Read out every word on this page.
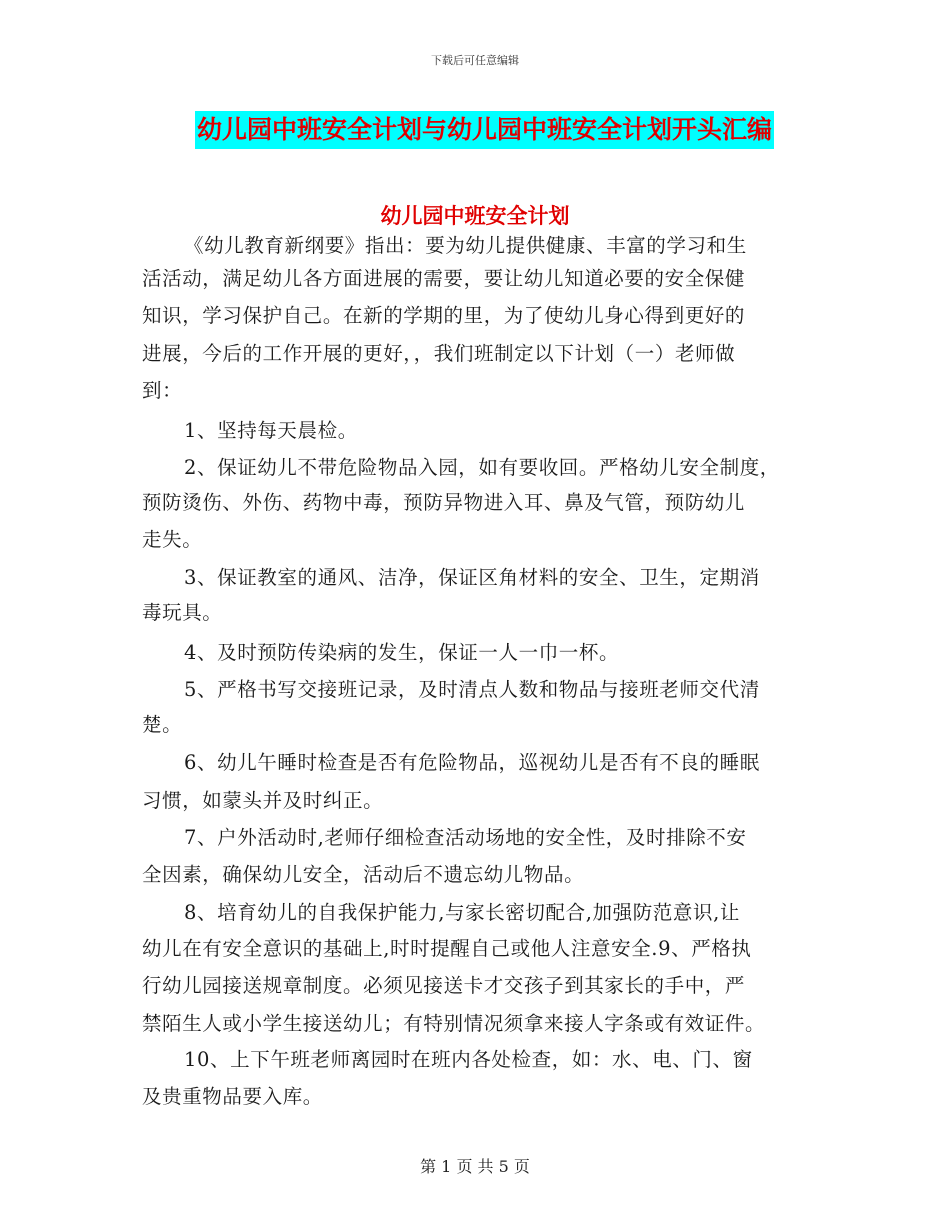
下载后可任意编辑
幼儿园中班安全计划与幼儿园中班安全计划开头汇编
幼儿园中班安全计划
《幼儿教育新纲要》指出：要为幼儿提供健康、丰富的学习和生
活活动，满足幼儿各方面进展的需要，要让幼儿知道必要的安全保健
知识，学习保护自己。在新的学期的里，为了使幼儿身心得到更好的
进展，今后的工作开展的更好，，我们班制定以下计划（一）老师做
到：
1、坚持每天晨检。
2、保证幼儿不带危险物品入园，如有要收回。严格幼儿安全制度，
预防烫伤、外伤、药物中毒，预防异物进入耳、鼻及气管，预防幼儿
走失。
3、保证教室的通风、洁净，保证区角材料的安全、卫生，定期消
毒玩具。
4、及时预防传染病的发生，保证一人一巾一杯。
5、严格书写交接班记录，及时清点人数和物品与接班老师交代清
楚。
6、幼儿午睡时检查是否有危险物品，巡视幼儿是否有不良的睡眠
习惯，如蒙头并及时纠正。
7、户外活动时,老师仔细检查活动场地的安全性，及时排除不安
全因素，确保幼儿安全，活动后不遗忘幼儿物品。
8、培育幼儿的自我保护能力,与家长密切配合,加强防范意识,让
幼儿在有安全意识的基础上,时时提醒自己或他人注意安全.9、严格执
行幼儿园接送规章制度。必须见接送卡才交孩子到其家长的手中，严
禁陌生人或小学生接送幼儿；有特别情况须拿来接人字条或有效证件。
10、上下午班老师离园时在班内各处检查，如：水、电、门、窗
及贵重物品要入库。
第 1 页 共 5 页
